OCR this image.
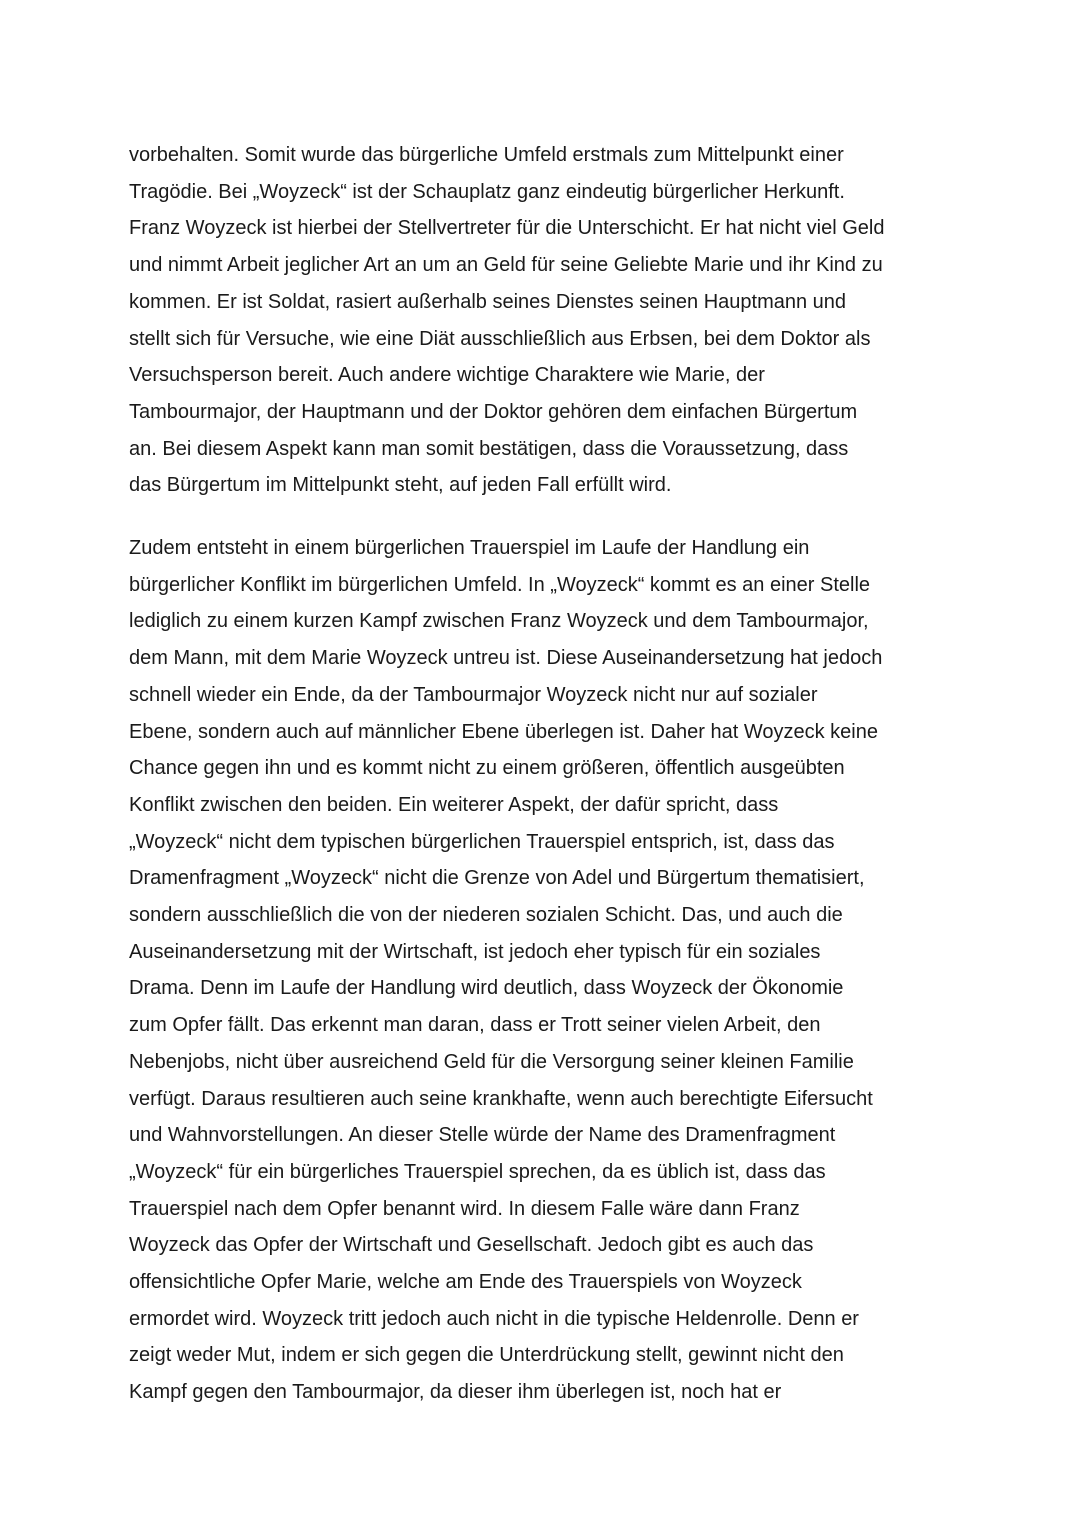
vorbehalten. Somit wurde das bürgerliche Umfeld erstmals zum Mittelpunkt einer
Tragödie. Bei „Woyzeck“ ist der Schauplatz ganz eindeutig bürgerlicher Herkunft.
Franz Woyzeck ist hierbei der Stellvertreter für die Unterschicht. Er hat nicht viel Geld
und nimmt Arbeit jeglicher Art an um an Geld für seine Geliebte Marie und ihr Kind zu
kommen. Er ist Soldat, rasiert außerhalb seines Dienstes seinen Hauptmann und
stellt sich für Versuche, wie eine Diät ausschließlich aus Erbsen, bei dem Doktor als
Versuchsperson bereit. Auch andere wichtige Charaktere wie Marie, der
Tambourmajor, der Hauptmann und der Doktor gehören dem einfachen Bürgertum
an. Bei diesem Aspekt kann man somit bestätigen, dass die Voraussetzung, dass
das Bürgertum im Mittelpunkt steht, auf jeden Fall erfüllt wird.

Zudem entsteht in einem bürgerlichen Trauerspiel im Laufe der Handlung ein
bürgerlicher Konflikt im bürgerlichen Umfeld. In „Woyzeck“ kommt es an einer Stelle
lediglich zu einem kurzen Kampf zwischen Franz Woyzeck und dem Tambourmajor,
dem Mann, mit dem Marie Woyzeck untreu ist. Diese Auseinandersetzung hat jedoch
schnell wieder ein Ende, da der Tambourmajor Woyzeck nicht nur auf sozialer
Ebene, sondern auch auf männlicher Ebene überlegen ist. Daher hat Woyzeck keine
Chance gegen ihn und es kommt nicht zu einem größeren, öffentlich ausgeübten
Konflikt zwischen den beiden. Ein weiterer Aspekt, der dafür spricht, dass
„Woyzeck“ nicht dem typischen bürgerlichen Trauerspiel entsprich, ist, dass das
Dramenfragment „Woyzeck“ nicht die Grenze von Adel und Bürgertum thematisiert,
sondern ausschließlich die von der niederen sozialen Schicht. Das, und auch die
Auseinandersetzung mit der Wirtschaft, ist jedoch eher typisch für ein soziales
Drama. Denn im Laufe der Handlung wird deutlich, dass Woyzeck der Ökonomie
zum Opfer fällt. Das erkennt man daran, dass er Trott seiner vielen Arbeit, den
Nebenjobs, nicht über ausreichend Geld für die Versorgung seiner kleinen Familie
verfügt. Daraus resultieren auch seine krankhafte, wenn auch berechtigte Eifersucht
und Wahnvorstellungen. An dieser Stelle würde der Name des Dramenfragment
„Woyzeck“ für ein bürgerliches Trauerspiel sprechen, da es üblich ist, dass das
Trauerspiel nach dem Opfer benannt wird. In diesem Falle wäre dann Franz
Woyzeck das Opfer der Wirtschaft und Gesellschaft. Jedoch gibt es auch das
offensichtliche Opfer Marie, welche am Ende des Trauerspiels von Woyzeck
ermordet wird. Woyzeck tritt jedoch auch nicht in die typische Heldenrolle. Denn er
zeigt weder Mut, indem er sich gegen die Unterdrückung stellt, gewinnt nicht den
Kampf gegen den Tambourmajor, da dieser ihm überlegen ist, noch hat er
